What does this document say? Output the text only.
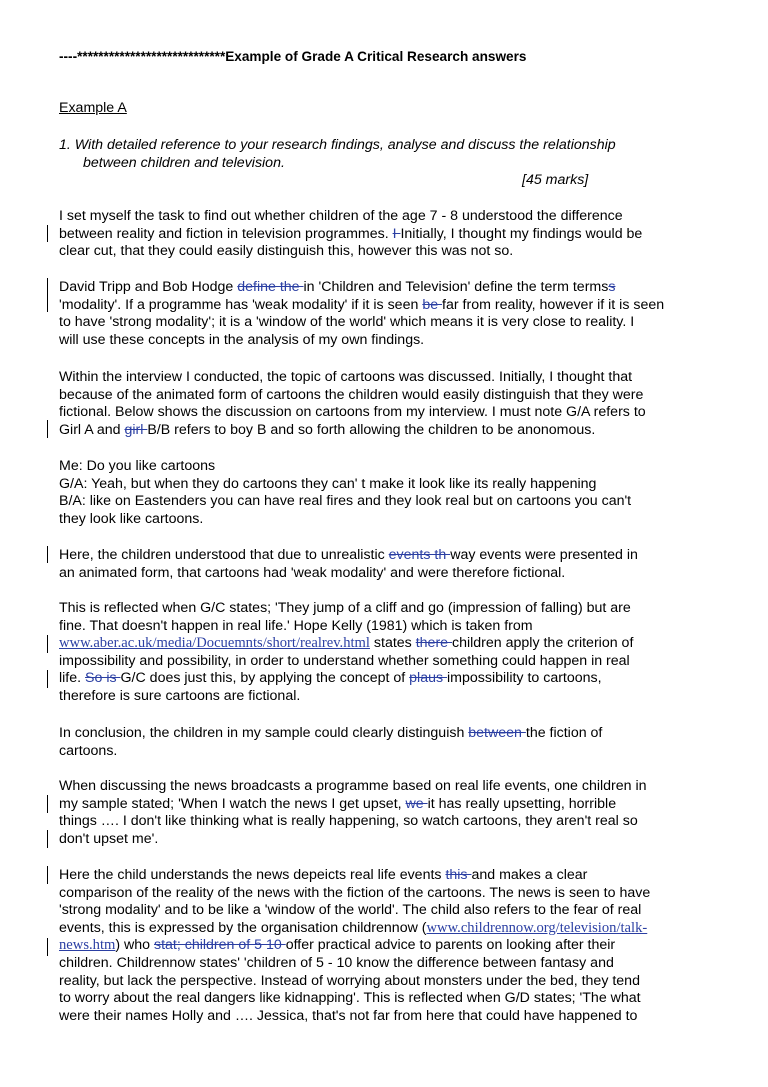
----****************************Example of Grade A Critical Research answers
Example A
1. With detailed reference to your research findings, analyse and discuss the relationship
between children and television.
[45 marks]
I set myself the task to find out whether children of the age 7 - 8 understood the difference
between reality and fiction in television programmes. I Initially, I thought my findings would be
clear cut, that they could easily distinguish this, however this was not so.
David Tripp and Bob Hodge define the in 'Children and Television' define the term termss
'modality'. If a programme has 'weak modality' if it is seen be far from reality, however if it is seen
to have 'strong modality'; it is a 'window of the world' which means it is very close to reality. I
will use these concepts in the analysis of my own findings.
Within the interview I conducted, the topic of cartoons was discussed. Initially, I thought that
because of the animated form of cartoons the children would easily distinguish that they were
fictional. Below shows the discussion on cartoons from my interview. I must note G/A refers to
Girl A and girl B/B refers to boy B and so forth allowing the children to be anonomous.
Me: Do you like cartoons
G/A: Yeah, but when they do cartoons they can' t make it look like its really happening
B/A: like on Eastenders you can have real fires and they look real but on cartoons you can't
they look like cartoons.
Here, the children understood that due to unrealistic events th way events were presented in
an animated form, that cartoons had 'weak modality' and were therefore fictional.
This is reflected when G/C states; 'They jump of a cliff and go (impression of falling) but are
fine. That doesn't happen in real life.' Hope Kelly (1981) which is taken from
www.aber.ac.uk/media/Docuemnts/short/realrev.html states there children apply the criterion of
impossibility and possibility, in order to understand whether something could happen in real
life. So is G/C does just this, by applying the concept of plaus impossibility to cartoons,
therefore is sure cartoons are fictional.
In conclusion, the children in my sample could clearly distinguish between the fiction of
cartoons.
When discussing the news broadcasts a programme based on real life events, one children in
my sample stated; 'When I watch the news I get upset, we it has really upsetting, horrible
things …. I don't like thinking what is really happening, so watch cartoons, they aren't real so
don't upset me'.
Here the child understands the news depeicts real life events this and makes a clear
comparison of the reality of the news with the fiction of the cartoons. The news is seen to have
'strong modality' and to be like a 'window of the world'. The child also refers to the fear of real
events, this is expressed by the organisation childrennow (www.childrennow.org/television/talk-
news.htm) who stat; children of 5 10 offer practical advice to parents on looking after their
children. Childrennow states' 'children of 5 - 10 know the difference between fantasy and
reality, but lack the perspective. Instead of worrying about monsters under the bed, they tend
to worry about the real dangers like kidnapping'. This is reflected when G/D states; 'The what
were their names Holly and …. Jessica, that's not far from here that could have happened to
